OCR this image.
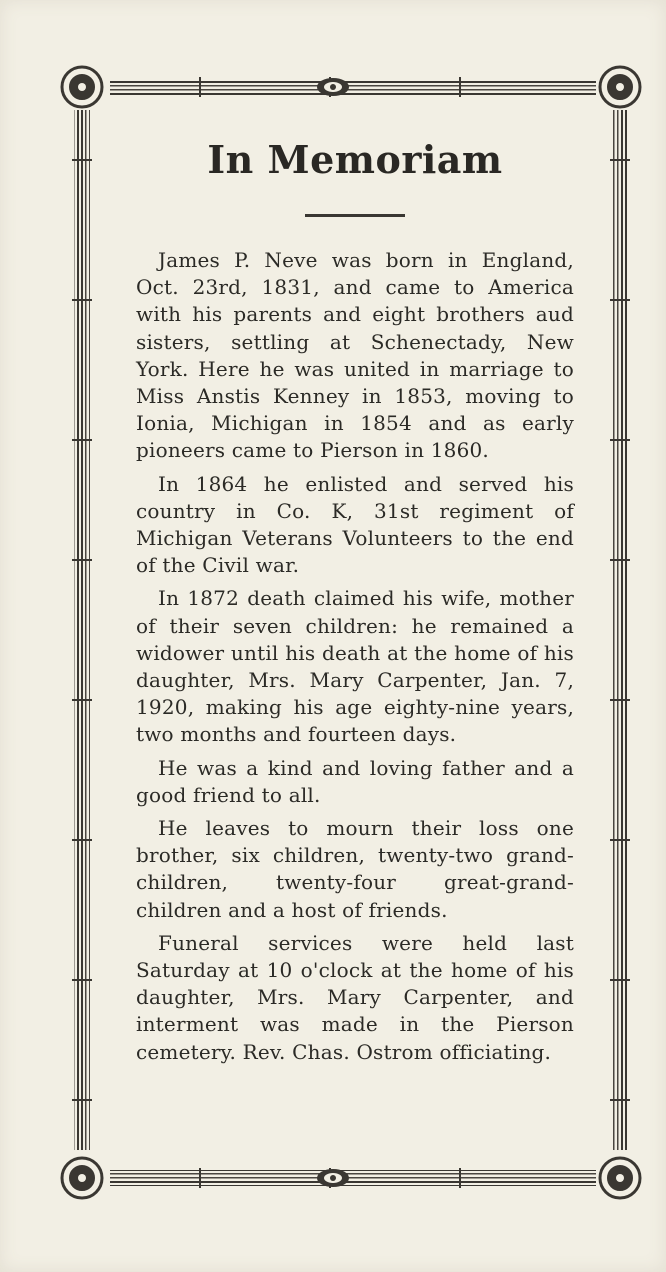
In Memoriam

James P. Neve was born in England, Oct. 23rd, 1831, and came to America with his parents and eight brothers aud sisters, settling at Schenectady, New York. Here he was united in marriage to Miss Anstis Kenney in 1853, moving to Ionia, Michigan in 1854 and as early pioneers came to Pierson in 1860.

In 1864 he enlisted and served his country in Co. K, 31st regiment of Michigan Veterans Volunteers to the end of the Civil war.

In 1872 death claimed his wife, mother of their seven children: he remained a widower until his death at the home of his daughter, Mrs. Mary Carpenter, Jan. 7, 1920, making his age eighty-nine years, two months and fourteen days.

He was a kind and loving father and a good friend to all.

He leaves to mourn their loss one brother, six children, twenty-two grand-children, twenty-four great-grand-children and a host of friends.

Funeral services were held last Saturday at 10 o'clock at the home of his daughter, Mrs. Mary Carpenter, and interment was made in the Pierson cemetery. Rev. Chas. Ostrom officiating.
